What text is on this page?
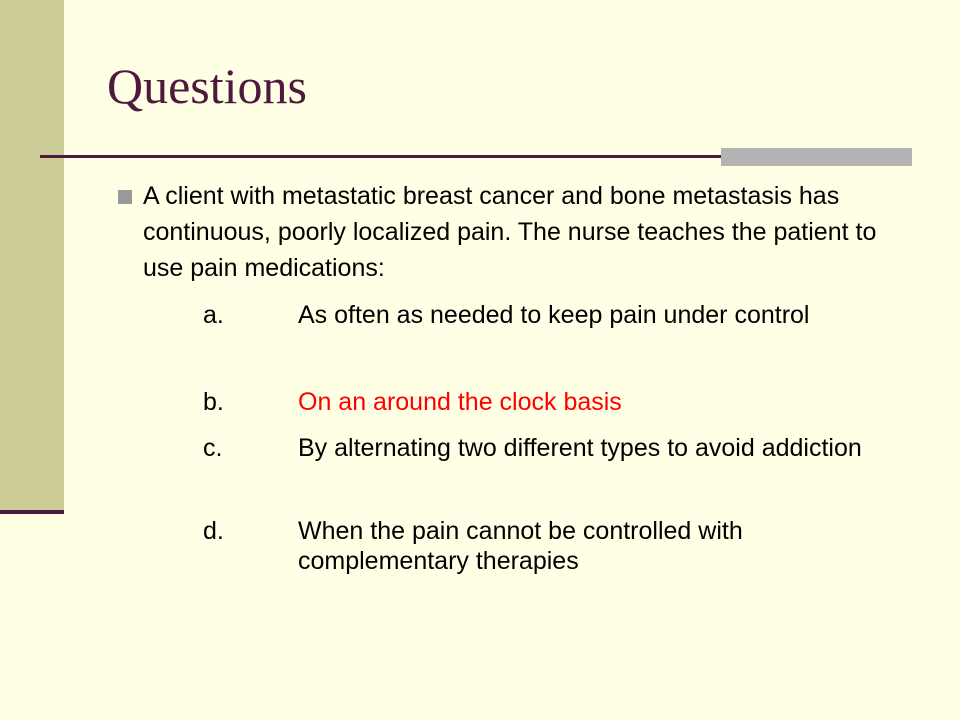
Questions

A client with metastatic breast cancer and bone metastasis has continuous, poorly localized pain. The nurse teaches the patient to use pain medications:

a.	As often as needed to keep pain under control
b.	On an around the clock basis
c.	By alternating two different types to avoid addiction
d.	When the pain cannot be controlled with complementary therapies
